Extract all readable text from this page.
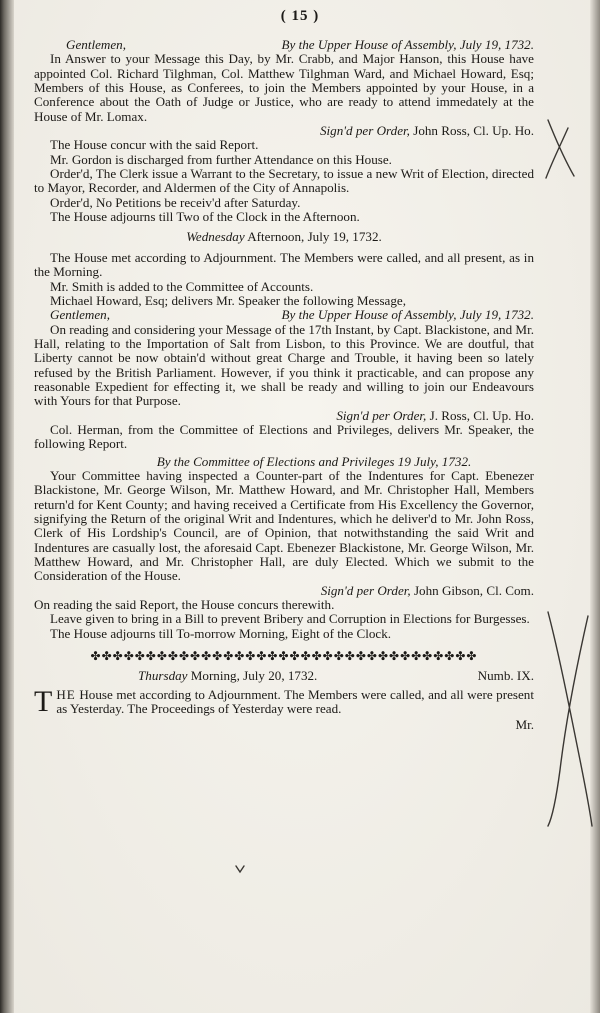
( 15 )

Gentlemen,	By the Upper House of Assembly, July 19, 1732.

In Answer to your Message this Day, by Mr. Crabb, and Major Hanson, this House have appointed Col. Richard Tilghman, Col. Matthew Tilghman Ward, and Michael Howard, Esq; Members of this House, as Conferees, to join the Members appointed by your House, in a Conference about the Oath of Judge or Justice, who are ready to attend immedately at the House of Mr. Lomax.

Sign'd per Order, John Ross, Cl. Up. Ho.

The House concur with the said Report.

Mr. Gordon is discharged from further Attendance on this House.

Order'd, The Clerk issue a Warrant to the Secretary, to issue a new Writ of Election, directed to Mayor, Recorder, and Aldermen of the City of Annapolis.

Order'd, No Petitions be receiv'd after Saturday.

The House adjourns till Two of the Clock in the Afternoon.

Wednesday Afternoon, July 19, 1732.

The House met according to Adjournment. The Members were called, and all present, as in the Morning.

Mr. Smith is added to the Committee of Accounts.

Michael Howard, Esq; delivers Mr. Speaker the following Message,

Gentlemen,	By the Upper House of Assembly, July 19, 1732.

On reading and considering your Message of the 17th Instant, by Capt. Blackistone, and Mr. Hall, relating to the Importation of Salt from Lisbon, to this Province. We are doutful, that Liberty cannot be now obtain'd without great Charge and Trouble, it having been so lately refused by the British Parliament. However, if you think it practicable, and can propose any reasonable Expedient for effecting it, we shall be ready and willing to join our Endeavours with Yours for that Purpose.

Sign'd per Order, J. Ross, Cl. Up. Ho.

Col. Herman, from the Committee of Elections and Privileges, delivers Mr. Speaker, the following Report.

By the Committee of Elections and Privileges 19 July, 1732.

Your Committee having inspected a Counter-part of the Indentures for Capt. Ebenezer Blackistone, Mr. George Wilson, Mr. Matthew Howard, and Mr. Christopher Hall, Members return'd for Kent County; and having received a Certificate from His Excellency the Governor, signifying the Return of the original Writ and Indentures, which he deliver'd to Mr. John Ross, Clerk of His Lordship's Council, are of Opinion, that notwithstanding the said Writ and Indentures are casually lost, the aforesaid Capt. Ebenezer Blackistone, Mr. George Wilson, Mr. Matthew Howard, and Mr. Christopher Hall, are duly Elected. Which we submit to the Consideration of the House.

Sign'd per Order, John Gibson, Cl. Com.

On reading the said Report, the House concurs therewith.

Leave given to bring in a Bill to prevent Bribery and Corruption in Elections for Burgesses.

The House adjourns till To-morrow Morning, Eight of the Clock.

✤✤✤✤✤✤✤✤✤✤✤✤✤✤✤✤✤✤✤✤✤✤✤✤✤✤✤✤✤✤✤✤✤✤✤

Thursday Morning, July 20, 1732.	Numb. IX.

THE House met according to Adjournment. The Members were called, and all were present as Yesterday. The Proceedings of Yesterday were read.

Mr.
